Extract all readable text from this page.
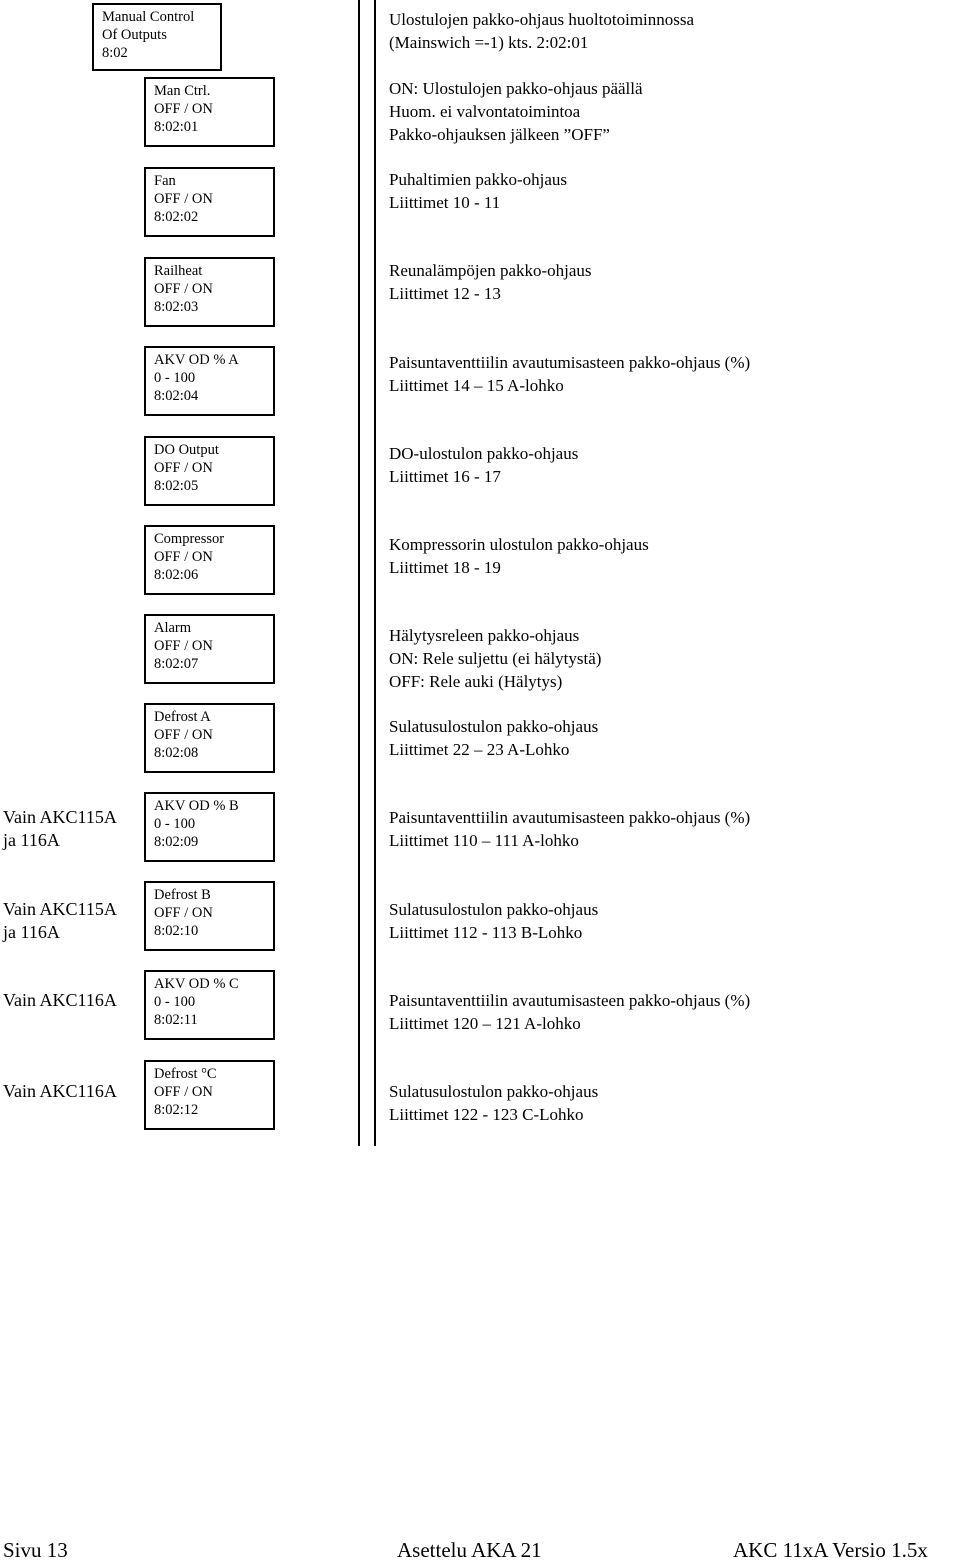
Manual Control
Of Outputs
8:02
Man Ctrl.
OFF / ON
8:02:01
Ulostulojen pakko-ohjaus huoltotoiminnossa
(Mainswich =-1) kts. 2:02:01

ON: Ulostulojen pakko-ohjaus päällä
Huom. ei valvontatoimintoa
Pakko-ohjauksen jälkeen ”OFF”
Fan
OFF / ON
8:02:02
Puhaltimien pakko-ohjaus
Liittimet 10 - 11
Railheat
OFF / ON
8:02:03
Reunalämpöjen pakko-ohjaus
Liittimet 12 - 13
AKV OD % A
0 - 100
8:02:04
Paisuntaventtiilin avautumisasteen pakko-ohjaus (%)
Liittimet 14 – 15 A-lohko
DO Output
OFF / ON
8:02:05
DO-ulostulon pakko-ohjaus
Liittimet 16 - 17
Compressor
OFF / ON
8:02:06
Kompressorin ulostulon pakko-ohjaus
Liittimet 18 - 19
Alarm
OFF / ON
8:02:07
Hälytysreleen pakko-ohjaus
ON: Rele suljettu (ei hälytystä)
OFF: Rele auki (Hälytys)
Defrost A
OFF / ON
8:02:08
Sulatusulostulon pakko-ohjaus
Liittimet 22 – 23 A-Lohko
Vain AKC115A
ja 116A
AKV OD % B
0 - 100
8:02:09
Paisuntaventtiilin avautumisasteen pakko-ohjaus (%)
Liittimet 110 – 111 A-lohko
Vain AKC115A
ja 116A
Defrost B
OFF / ON
8:02:10
Sulatusulostulon pakko-ohjaus
Liittimet 112 - 113 B-Lohko
Vain AKC116A
AKV OD % C
0 - 100
8:02:11
Paisuntaventtiilin avautumisasteen pakko-ohjaus (%)
Liittimet 120 – 121 A-lohko
Vain AKC116A
Defrost °C
OFF / ON
8:02:12
Sulatusulostulon pakko-ohjaus
Liittimet 122 - 123 C-Lohko
Sivu 13	Asettelu AKA 21	AKC 11xA Versio 1.5x
